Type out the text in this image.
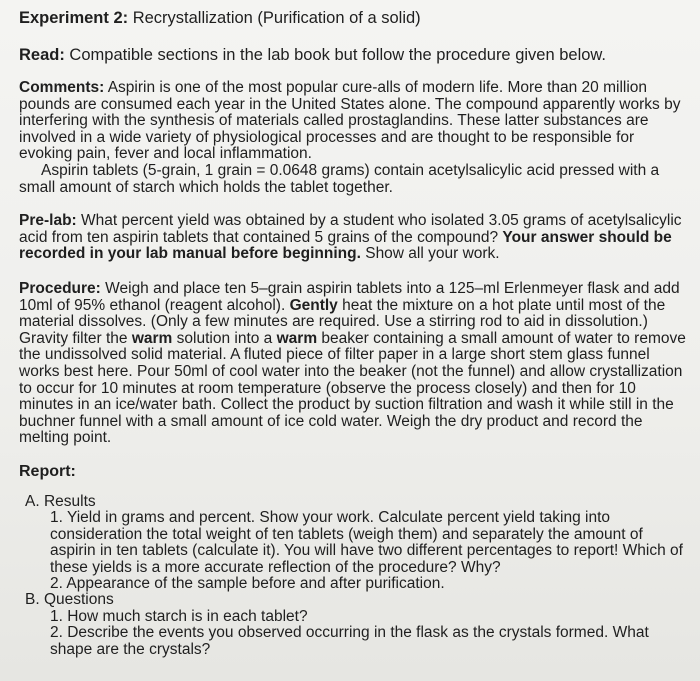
Experiment 2: Recrystallization (Purification of a solid)

Read: Compatible sections in the lab book but follow the procedure given below.

Comments: Aspirin is one of the most popular cure-alls of modern life. More than 20 million pounds are consumed each year in the United States alone. The compound apparently works by interfering with the synthesis of materials called prostaglandins. These latter substances are involved in a wide variety of physiological processes and are thought to be responsible for evoking pain, fever and local inflammation.

Aspirin tablets (5-grain, 1 grain = 0.0648 grams) contain acetylsalicylic acid pressed with a small amount of starch which holds the tablet together.

Pre-lab: What percent yield was obtained by a student who isolated 3.05 grams of acetylsalicylic acid from ten aspirin tablets that contained 5 grains of the compound? Your answer should be recorded in your lab manual before beginning. Show all your work.

Procedure: Weigh and place ten 5–grain aspirin tablets into a 125–ml Erlenmeyer flask and add 10ml of 95% ethanol (reagent alcohol). Gently heat the mixture on a hot plate until most of the material dissolves. (Only a few minutes are required. Use a stirring rod to aid in dissolution.) Gravity filter the warm solution into a warm beaker containing a small amount of water to remove the undissolved solid material. A fluted piece of filter paper in a large short stem glass funnel works best here. Pour 50ml of cool water into the beaker (not the funnel) and allow crystallization to occur for 10 minutes at room temperature (observe the process closely) and then for 10 minutes in an ice/water bath. Collect the product by suction filtration and wash it while still in the buchner funnel with a small amount of ice cold water. Weigh the dry product and record the melting point.

Report:

A. Results

1. Yield in grams and percent. Show your work. Calculate percent yield taking into consideration the total weight of ten tablets (weigh them) and separately the amount of aspirin in ten tablets (calculate it). You will have two different percentages to report! Which of these yields is a more accurate reflection of the procedure? Why?

2. Appearance of the sample before and after purification.

B. Questions

1. How much starch is in each tablet?

2. Describe the events you observed occurring in the flask as the crystals formed. What shape are the crystals?
